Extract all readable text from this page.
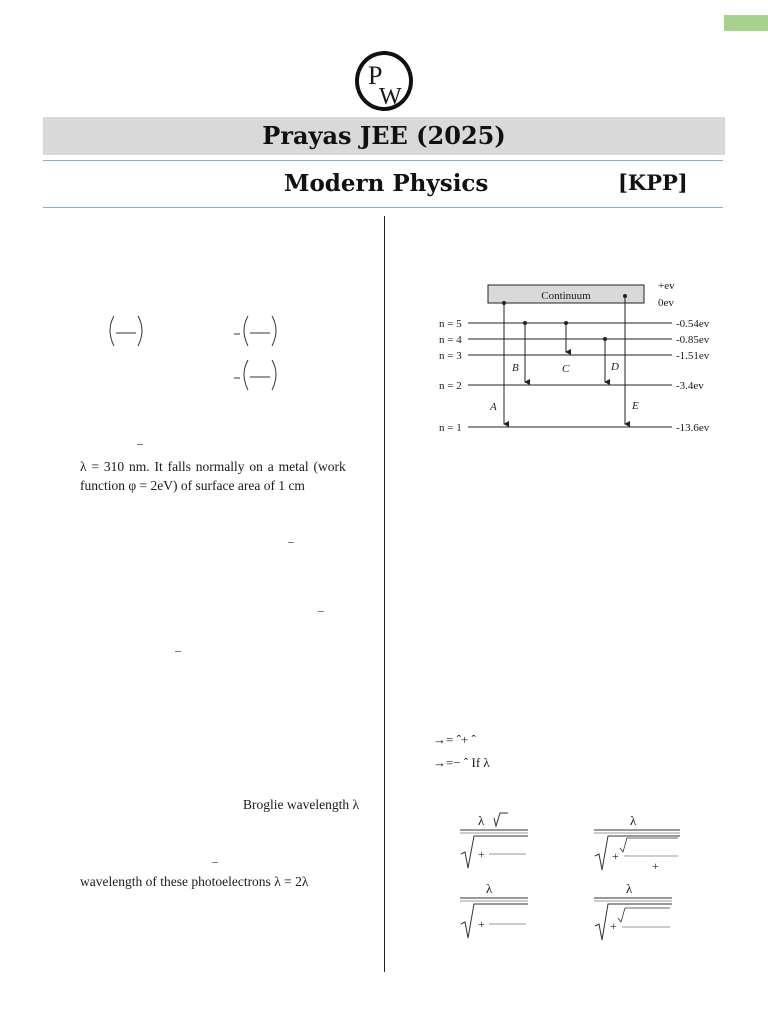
P
W
Prayas JEE (2025)
Modern Physics	[KPP]
–
λ = 310 nm. It falls normally on a metal (work
function φ = 2eV) of surface area of 1 cm
–
–
–
Broglie wavelength λ
–
wavelength of these photoelectrons λ = 2λ
Continuum
+ev
0ev
n = 5	-0.54ev
n = 4	-0.85ev
n = 3	-1.51ev
n = 2	-3.4ev
n = 1	-13.6ev
A
B	C	D
E
→= ˆ+ ˆ
→=− ˆ If λ
λ
+
λ
+
+
λ
+
λ
+
